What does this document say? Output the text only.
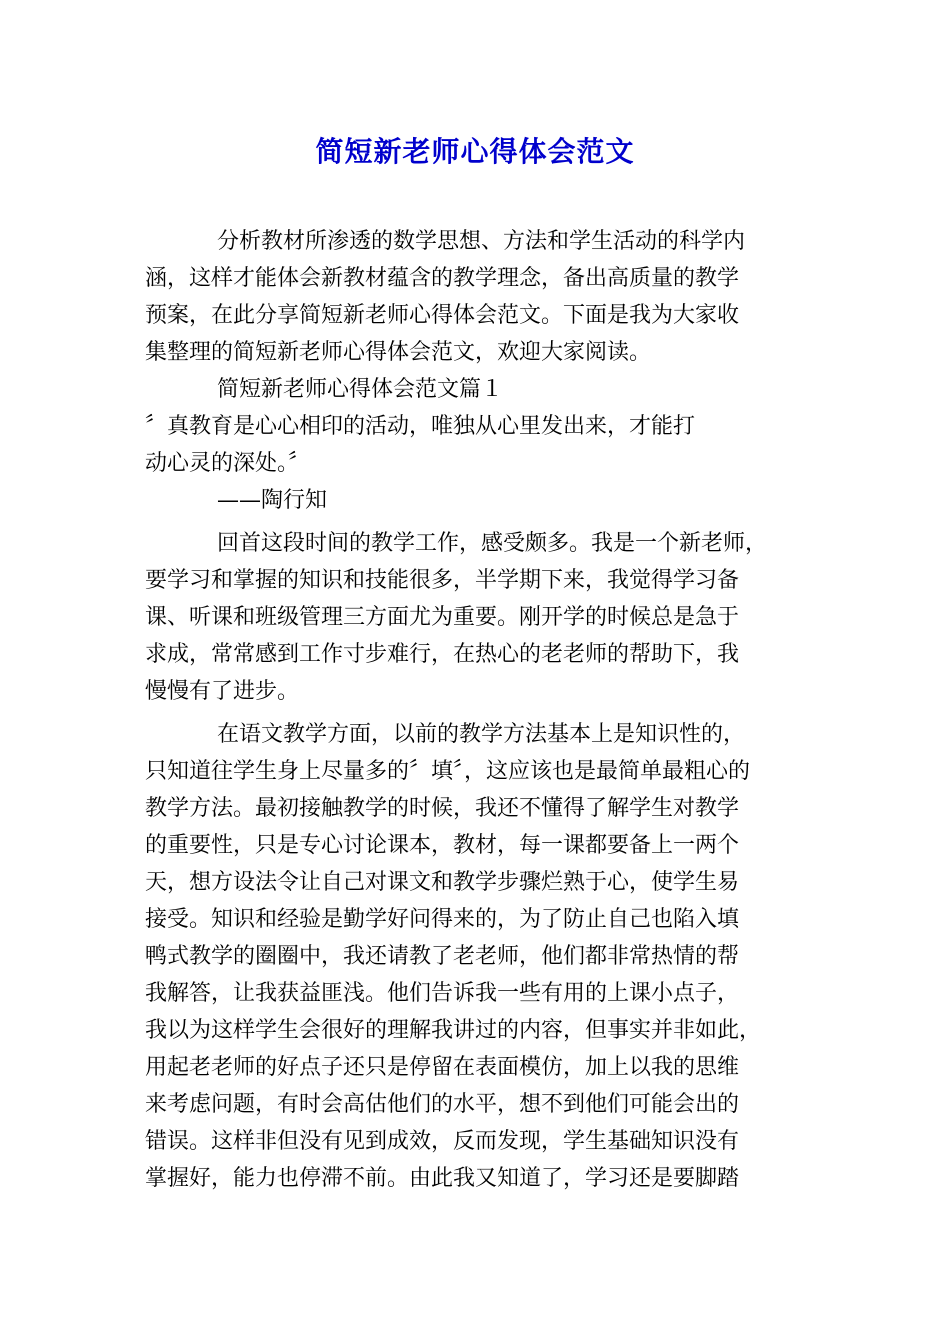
简短新老师心得体会范文

分析教材所渗透的数学思想、方法和学生活动的科学内
涵，这样才能体会新教材蕴含的教学理念，备出高质量的教学
预案，在此分享简短新老师心得体会范文。下面是我为大家收
集整理的简短新老师心得体会范文，欢迎大家阅读。

简短新老师心得体会范文篇１

〞真教育是心心相印的活动，唯独从心里发出来，才能打
动心灵的深处。〞

——陶行知

回首这段时间的教学工作，感受颇多。我是一个新老师，
要学习和掌握的知识和技能很多，半学期下来，我觉得学习备
课、听课和班级管理三方面尤为重要。刚开学的时候总是急于
求成，常常感到工作寸步难行，在热心的老老师的帮助下，我
慢慢有了进步。

在语文教学方面，以前的教学方法基本上是知识性的，
只知道往学生身上尽量多的〞填〞，这应该也是最简单最粗心的
教学方法。最初接触教学的时候，我还不懂得了解学生对教学
的重要性，只是专心讨论课本，教材，每一课都要备上一两个
天，想方设法令让自己对课文和教学步骤烂熟于心，使学生易
接受。知识和经验是勤学好问得来的，为了防止自己也陷入填
鸭式教学的圈圈中，我还请教了老老师，他们都非常热情的帮
我解答，让我获益匪浅。他们告诉我一些有用的上课小点子，
我以为这样学生会很好的理解我讲过的内容，但事实并非如此，
用起老老师的好点子还只是停留在表面模仿，加上以我的思维
来考虑问题，有时会高估他们的水平，想不到他们可能会出的
错误。这样非但没有见到成效，反而发现，学生基础知识没有
掌握好，能力也停滞不前。由此我又知道了，学习还是要脚踏
